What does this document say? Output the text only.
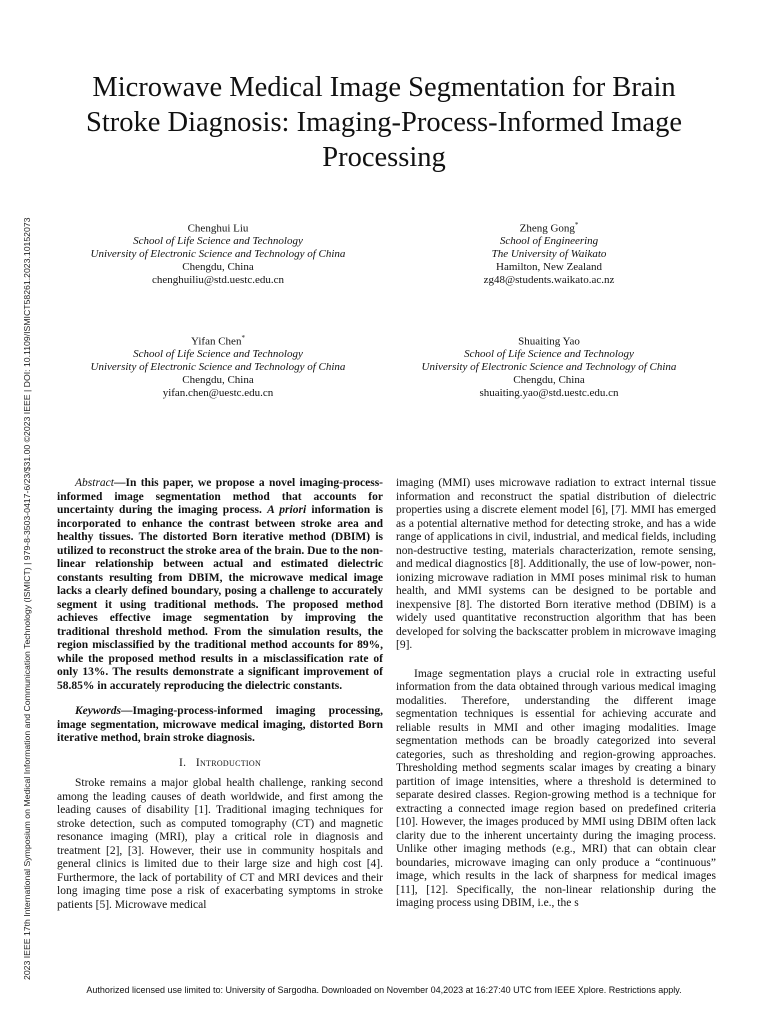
2023 IEEE 17th International Symposium on Medical Information and Communication Technology (ISMICT) | 979-8-3503-0417-6/23/$31.00 ©2023 IEEE | DOI: 10.1109/ISMICT58261.2023.10152073
Microwave Medical Image Segmentation for Brain Stroke Diagnosis: Imaging-Process-Informed Image Processing
Chenghui Liu
School of Life Science and Technology
University of Electronic Science and Technology of China
Chengdu, China
chenghuiliu@std.uestc.edu.cn
Zheng Gong*
School of Engineering
The University of Waikato
Hamilton, New Zealand
zg48@students.waikato.ac.nz
Yifan Chen*
School of Life Science and Technology
University of Electronic Science and Technology of China
Chengdu, China
yifan.chen@uestc.edu.cn
Shuaiting Yao
School of Life Science and Technology
University of Electronic Science and Technology of China
Chengdu, China
shuaiting.yao@std.uestc.edu.cn

Abstract—In this paper, we propose a novel imaging-process-informed image segmentation method that accounts for uncertainty during the imaging process. A priori information is incorporated to enhance the contrast between stroke area and healthy tissues. The distorted Born iterative method (DBIM) is utilized to reconstruct the stroke area of the brain. Due to the non-linear relationship between actual and estimated dielectric constants resulting from DBIM, the microwave medical image lacks a clearly defined boundary, posing a challenge to accurately segment it using traditional methods. The proposed method achieves effective image segmentation by improving the traditional threshold method. From the simulation results, the region misclassified by the traditional method accounts for 89%, while the proposed method results in a misclassification rate of only 13%. The results demonstrate a significant improvement of 58.85% in accurately reproducing the dielectric constants.

Keywords—Imaging-process-informed imaging processing, image segmentation, microwave medical imaging, distorted Born iterative method, brain stroke diagnosis.

I. Introduction

Stroke remains a major global health challenge, ranking second among the leading causes of death worldwide, and first among the leading causes of disability [1]. Traditional imaging techniques for stroke detection, such as computed tomography (CT) and magnetic resonance imaging (MRI), play a critical role in diagnosis and treatment [2], [3]. However, their use in community hospitals and general clinics is limited due to their large size and high cost [4]. Furthermore, the lack of portability of CT and MRI devices and their long imaging time pose a risk of exacerbating symptoms in stroke patients [5]. Microwave medical

imaging (MMI) uses microwave radiation to extract internal tissue information and reconstruct the spatial distribution of dielectric properties using a discrete element model [6], [7]. MMI has emerged as a potential alternative method for detecting stroke, and has a wide range of applications in civil, industrial, and medical fields, including non-destructive testing, materials characterization, remote sensing, and medical diagnostics [8]. Additionally, the use of low-power, non-ionizing microwave radiation in MMI poses minimal risk to human health, and MMI systems can be designed to be portable and inexpensive [8]. The distorted Born iterative method (DBIM) is a widely used quantitative reconstruction algorithm that has been developed for solving the backscatter problem in microwave imaging [9].

Image segmentation plays a crucial role in extracting useful information from the data obtained through various medical imaging modalities. Therefore, understanding the different image segmentation techniques is essential for achieving accurate and reliable results in MMI and other imaging modalities. Image segmentation methods can be broadly categorized into several categories, such as thresholding and region-growing approaches. Thresholding method segments scalar images by creating a binary partition of image intensities, where a threshold is determined to separate desired classes. Region-growing method is a technique for extracting a connected image region based on predefined criteria [10]. However, the images produced by MMI using DBIM often lack clarity due to the inherent uncertainty during the imaging process. Unlike other imaging methods (e.g., MRI) that can obtain clear boundaries, microwave imaging can only produce a “continuous” image, which results in the lack of sharpness for medical images [11], [12]. Specifically, the non-linear relationship during the imaging process using DBIM, i.e., the s

Authorized licensed use limited to: University of Sargodha. Downloaded on November 04,2023 at 16:27:40 UTC from IEEE Xplore. Restrictions apply.
